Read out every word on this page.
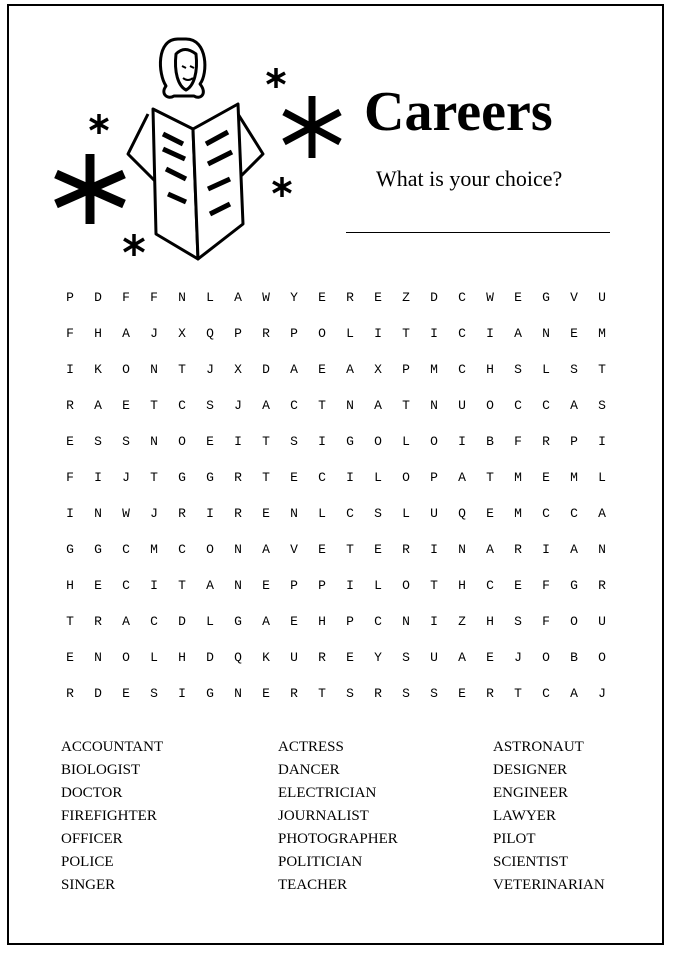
Careers
What is your choice?
P	D	F	F	N	L	A	W	Y	E	R	E	Z	D	C	W	E	G	V	U
F	H	A	J	X	Q	P	R	P	O	L	I	T	I	C	I	A	N	E	M
I	K	O	N	T	J	X	D	A	E	A	X	P	M	C	H	S	L	S	T
R	A	E	T	C	S	J	A	C	T	N	A	T	N	U	O	C	C	A	S
E	S	S	N	O	E	I	T	S	I	G	O	L	O	I	B	F	R	P	I
F	I	J	T	G	G	R	T	E	C	I	L	O	P	A	T	M	E	M	L
I	N	W	J	R	I	R	E	N	L	C	S	L	U	Q	E	M	C	C	A
G	G	C	M	C	O	N	A	V	E	T	E	R	I	N	A	R	I	A	N
H	E	C	I	T	A	N	E	P	P	I	L	O	T	H	C	E	F	G	R
T	R	A	C	D	L	G	A	E	H	P	C	N	I	Z	H	S	F	O	U
E	N	O	L	H	D	Q	K	U	R	E	Y	S	U	A	E	J	O	B	O
R	D	E	S	I	G	N	E	R	T	S	R	S	S	E	R	T	C	A	J
ACCOUNTANT
BIOLOGIST
DOCTOR
FIREFIGHTER
OFFICER
POLICE
SINGER
ACTRESS
DANCER
ELECTRICIAN
JOURNALIST
PHOTOGRAPHER
POLITICIAN
TEACHER
ASTRONAUT
DESIGNER
ENGINEER
LAWYER
PILOT
SCIENTIST
VETERINARIAN
